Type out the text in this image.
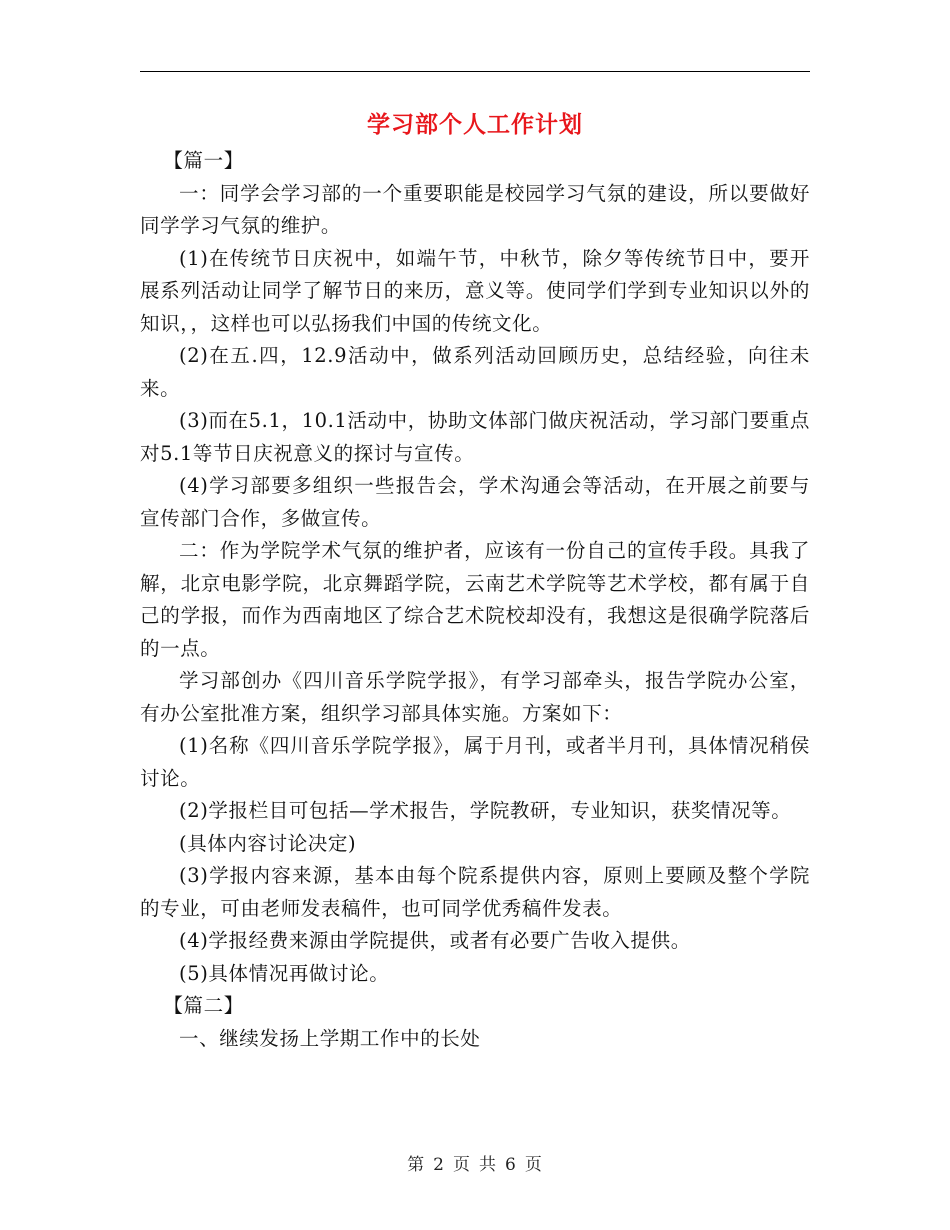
学习部个人工作计划

【篇一】

一：同学会学习部的一个重要职能是校园学习气氛的建设，所以要做好同学学习气氛的维护。

(1)在传统节日庆祝中，如端午节，中秋节，除夕等传统节日中，要开展系列活动让同学了解节日的来历，意义等。使同学们学到专业知识以外的知识，，这样也可以弘扬我们中国的传统文化。

(2)在五.四，12.9活动中，做系列活动回顾历史，总结经验，向往未来。

(3)而在5.1，10.1活动中，协助文体部门做庆祝活动，学习部门要重点对5.1等节日庆祝意义的探讨与宣传。

(4)学习部要多组织一些报告会，学术沟通会等活动，在开展之前要与宣传部门合作，多做宣传。

二：作为学院学术气氛的维护者，应该有一份自己的宣传手段。具我了解，北京电影学院，北京舞蹈学院，云南艺术学院等艺术学校，都有属于自己的学报，而作为西南地区了综合艺术院校却没有，我想这是很确学院落后的一点。

学习部创办《四川音乐学院学报》，有学习部牵头，报告学院办公室，有办公室批准方案，组织学习部具体实施。方案如下：

(1)名称《四川音乐学院学报》，属于月刊，或者半月刊，具体情况稍侯讨论。

(2)学报栏目可包括—学术报告，学院教研，专业知识，获奖情况等。

(具体内容讨论决定)

(3)学报内容来源，基本由每个院系提供内容，原则上要顾及整个学院的专业，可由老师发表稿件，也可同学优秀稿件发表。

(4)学报经费来源由学院提供，或者有必要广告收入提供。

(5)具体情况再做讨论。

【篇二】

一、继续发扬上学期工作中的长处

第 2 页 共 6 页
